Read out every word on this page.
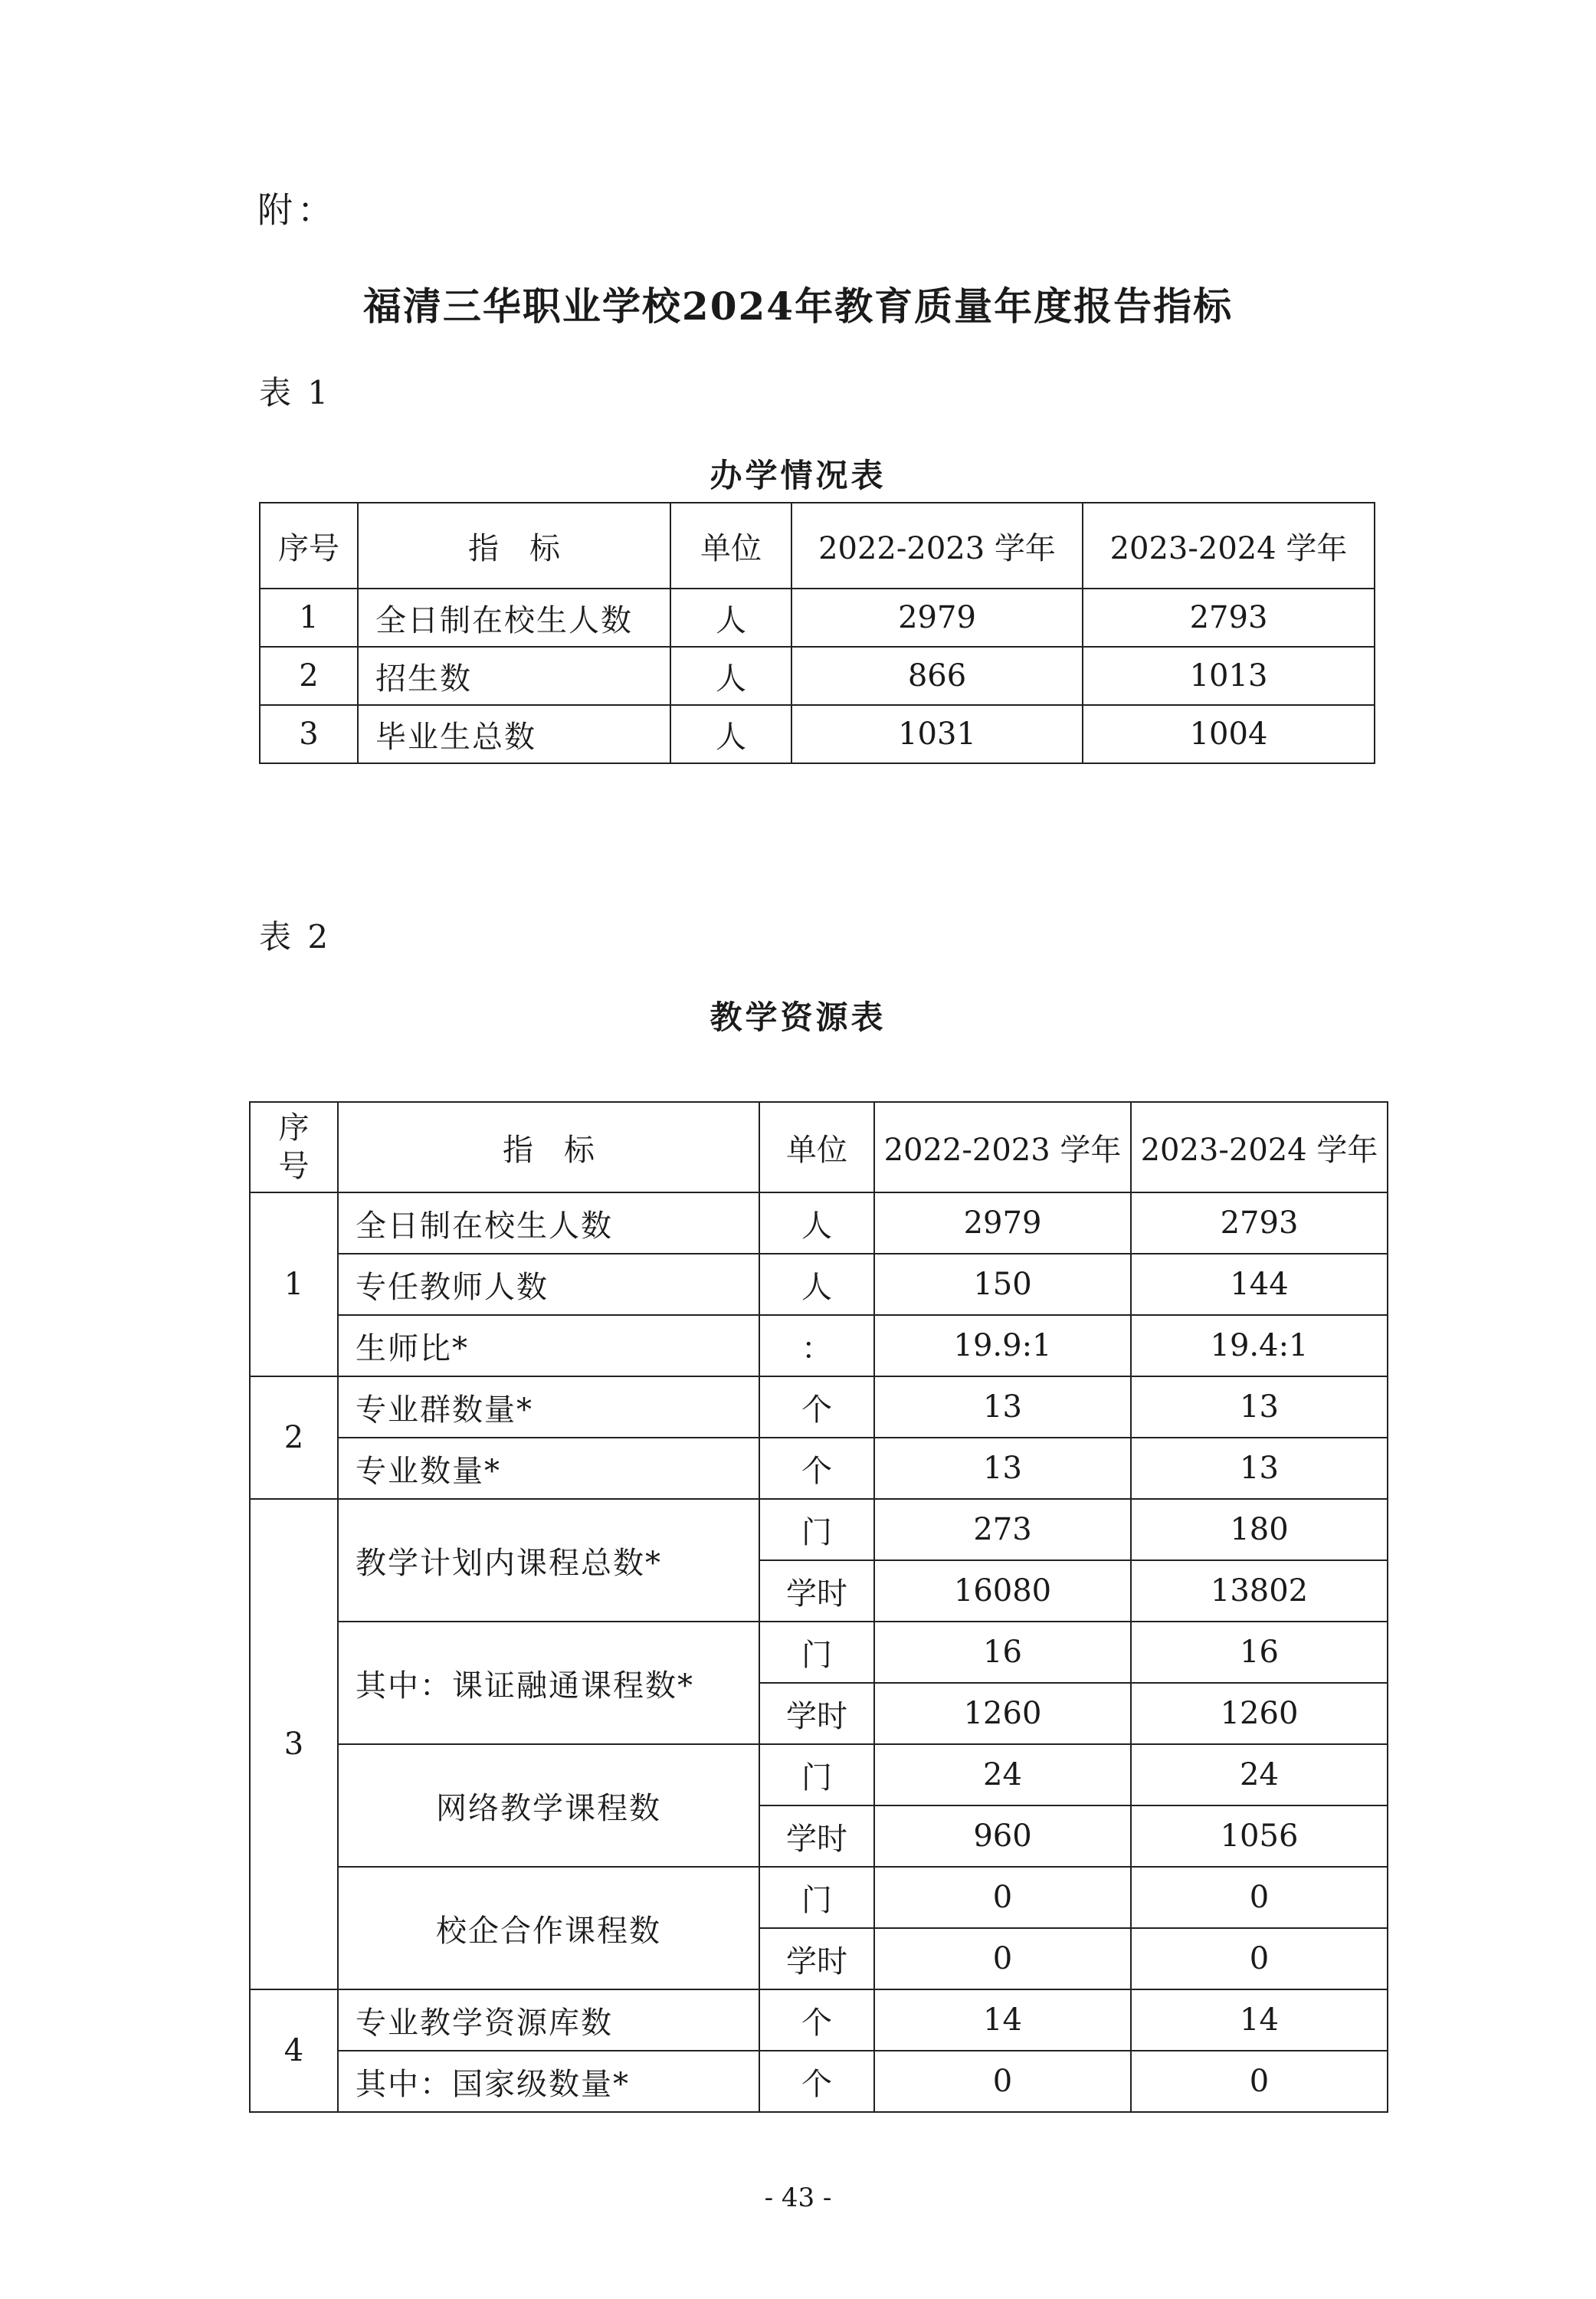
附：
福清三华职业学校2024年教育质量年度报告指标
表 1
办学情况表
序号	指　标	单位	2022-2023 学年	2023-2024 学年
1	全日制在校生人数	人	2979	2793
2	招生数	人	866	1013
3	毕业生总数	人	1031	1004
表 2
教学资源表
序
号	指　标	单位	2022-2023 学年	2023-2024 学年
1	全日制在校生人数	人	2979	2793
	专任教师人数	人	150	144
	生师比*	：	19.9:1	19.4:1
2	专业群数量*	个	13	13
	专业数量*	个	13	13
3	教学计划内课程总数*	门	273	180
		学时	16080	13802
	其中：课证融通课程数*	门	16	16
		学时	1260	1260
	网络教学课程数	门	24	24
		学时	960	1056
	校企合作课程数	门	0	0
		学时	0	0
4	专业教学资源库数	个	14	14
	其中：国家级数量*	个	0	0
- 43 -
